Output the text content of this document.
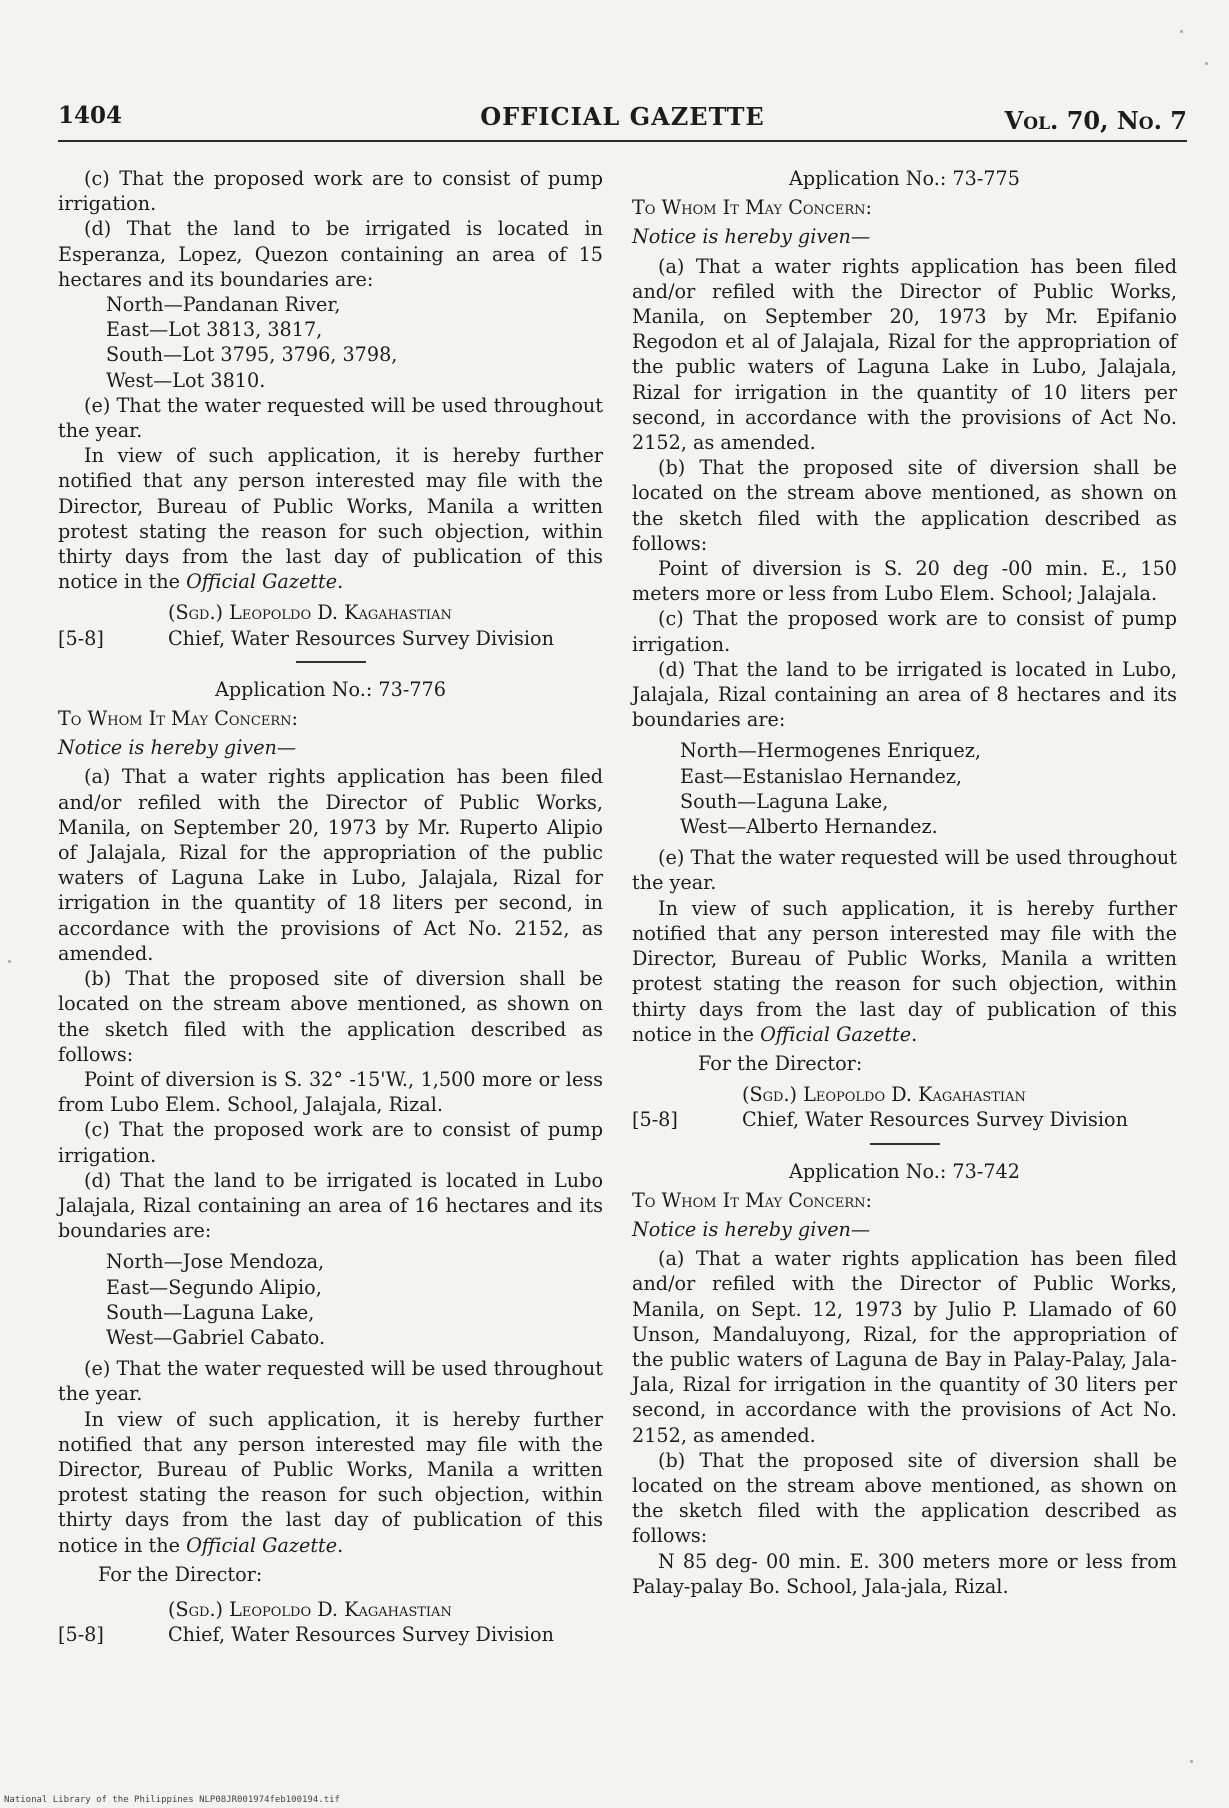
1404	OFFICIAL GAZETTE	Vol. 70, No. 7

(c) That the proposed work are to consist of pump irrigation.

(d) That the land to be irrigated is located in Esperanza, Lopez, Quezon containing an area of 15 hectares and its boundaries are:

North—Pandanan River,
East—Lot 3813, 3817,
South—Lot 3795, 3796, 3798,
West—Lot 3810.

(e) That the water requested will be used throughout the year.

In view of such application, it is hereby further notified that any person interested may file with the Director, Bureau of Public Works, Manila a written protest stating the reason for such objection, within thirty days from the last day of publication of this notice in the Official Gazette.

(Sgd.) Leopoldo D. Kagahastian
[5-8]	Chief, Water Resources Survey Division
Application No.: 73-776
To Whom It May Concern:
Notice is hereby given—

(a) That a water rights application has been filed and/or refiled with the Director of Public Works, Manila, on September 20, 1973 by Mr. Ruperto Alipio of Jalajala, Rizal for the appropriation of the public waters of Laguna Lake in Lubo, Jalajala, Rizal for irrigation in the quantity of 18 liters per second, in accordance with the provisions of Act No. 2152, as amended.

(b) That the proposed site of diversion shall be located on the stream above mentioned, as shown on the sketch filed with the application described as follows:

Point of diversion is S. 32° -15'W., 1,500 more or less from Lubo Elem. School, Jalajala, Rizal.

(c) That the proposed work are to consist of pump irrigation.

(d) That the land to be irrigated is located in Lubo Jalajala, Rizal containing an area of 16 hectares and its boundaries are:

North—Jose Mendoza,
East—Segundo Alipio,
South—Laguna Lake,
West—Gabriel Cabato.

(e) That the water requested will be used throughout the year.

In view of such application, it is hereby further notified that any person interested may file with the Director, Bureau of Public Works, Manila a written protest stating the reason for such objection, within thirty days from the last day of publication of this notice in the Official Gazette.

For the Director:
(Sgd.) Leopoldo D. Kagahastian
[5-8]	Chief, Water Resources Survey Division
Application No.: 73-775
To Whom It May Concern:
Notice is hereby given—

(a) That a water rights application has been filed and/or refiled with the Director of Public Works, Manila, on September 20, 1973 by Mr. Epifanio Regodon et al of Jalajala, Rizal for the appropriation of the public waters of Laguna Lake in Lubo, Jalajala, Rizal for irrigation in the quantity of 10 liters per second, in accordance with the provisions of Act No. 2152, as amended.

(b) That the proposed site of diversion shall be located on the stream above mentioned, as shown on the sketch filed with the application described as follows:

Point of diversion is S. 20 deg -00 min. E., 150 meters more or less from Lubo Elem. School; Jalajala.

(c) That the proposed work are to consist of pump irrigation.

(d) That the land to be irrigated is located in Lubo, Jalajala, Rizal containing an area of 8 hectares and its boundaries are:

North—Hermogenes Enriquez,
East—Estanislao Hernandez,
South—Laguna Lake,
West—Alberto Hernandez.

(e) That the water requested will be used throughout the year.

In view of such application, it is hereby further notified that any person interested may file with the Director, Bureau of Public Works, Manila a written protest stating the reason for such objection, within thirty days from the last day of publication of this notice in the Official Gazette.

For the Director:
(Sgd.) Leopoldo D. Kagahastian
[5-8]	Chief, Water Resources Survey Division
Application No.: 73-742
To Whom It May Concern:
Notice is hereby given—

(a) That a water rights application has been filed and/or refiled with the Director of Public Works, Manila, on Sept. 12, 1973 by Julio P. Llamado of 60 Unson, Mandaluyong, Rizal, for the appropriation of the public waters of Laguna de Bay in Palay-Palay, Jala-Jala, Rizal for irrigation in the quantity of 30 liters per second, in accordance with the provisions of Act No. 2152, as amended.

(b) That the proposed site of diversion shall be located on the stream above mentioned, as shown on the sketch filed with the application described as follows:

N 85 deg- 00 min. E. 300 meters more or less from Palay-palay Bo. School, Jala-jala, Rizal.

National Library of the Philippines NLP08JR001974feb100194.tif
